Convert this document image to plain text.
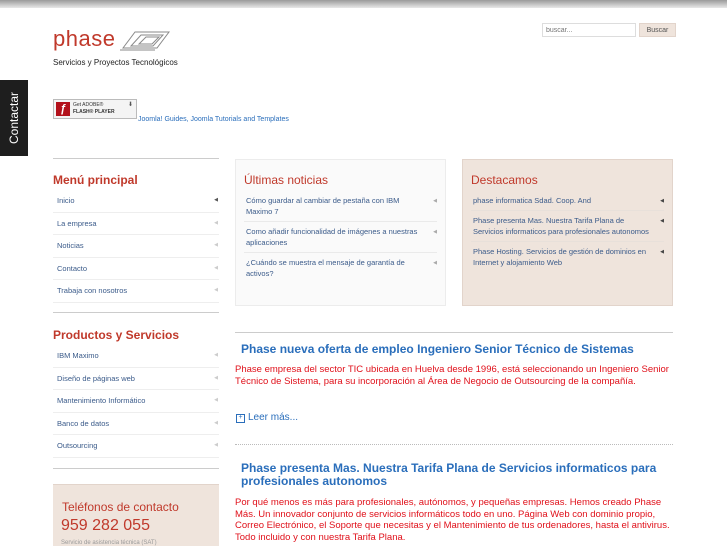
Contactar
phase
Servicios y Proyectos Tecnológicos
buscar...
Buscar
ƒ	Get ADOBE®
FLASH® PLAYER
⬇
Joomla! Guides, Joomla Tutorials and Templates
Menú principal
Inicio	◀
La empresa	◀
Noticias	◀
Contacto	◀
Trabaja con nosotros	◀
Productos y Servicios
IBM Maximo	◀
Diseño de páginas web	◀
Mantenimiento Informático	◀
Banco de datos	◀
Outsourcing	◀
Teléfonos de contacto
959 282 055
Servicio de asistencia técnica (SAT)
Últimas noticias
Cómo guardar al cambiar de pestaña con IBM Maximo 7
◀
Como añadir funcionalidad de imágenes a nuestras aplicaciones
◀
¿Cuándo se muestra el mensaje de garantía de activos?
◀
Destacamos
phase informatica Sdad. Coop. And	◀
Phase presenta Mas. Nuestra Tarifa Plana de Servicios informaticos para profesionales autonomos
◀
Phase Hosting. Servicios de gestión de dominios en Internet y alojamiento Web
◀
Phase nueva oferta de empleo Ingeniero Senior Técnico de Sistemas

Phase empresa del sector TIC ubicada en Huelva desde 1996, está seleccionando un Ingeniero Senior Técnico de Sistema, para su incorporación al Área de Negocio de Outsourcing de la compañía.

+ Leer más...
Phase presenta Mas. Nuestra Tarifa Plana de Servicios informaticos para profesionales autonomos

Por qué menos es más para profesionales, autónomos, y pequeñas empresas. Hemos creado Phase Más. Un innovador conjunto de servicios informáticos todo en uno. Página Web con dominio propio, Correo Electrónico, el Soporte que necesitas y el Mantenimiento de tus ordenadores, hasta el antivirus. Todo incluido y con nuestra Tarifa Plana.
